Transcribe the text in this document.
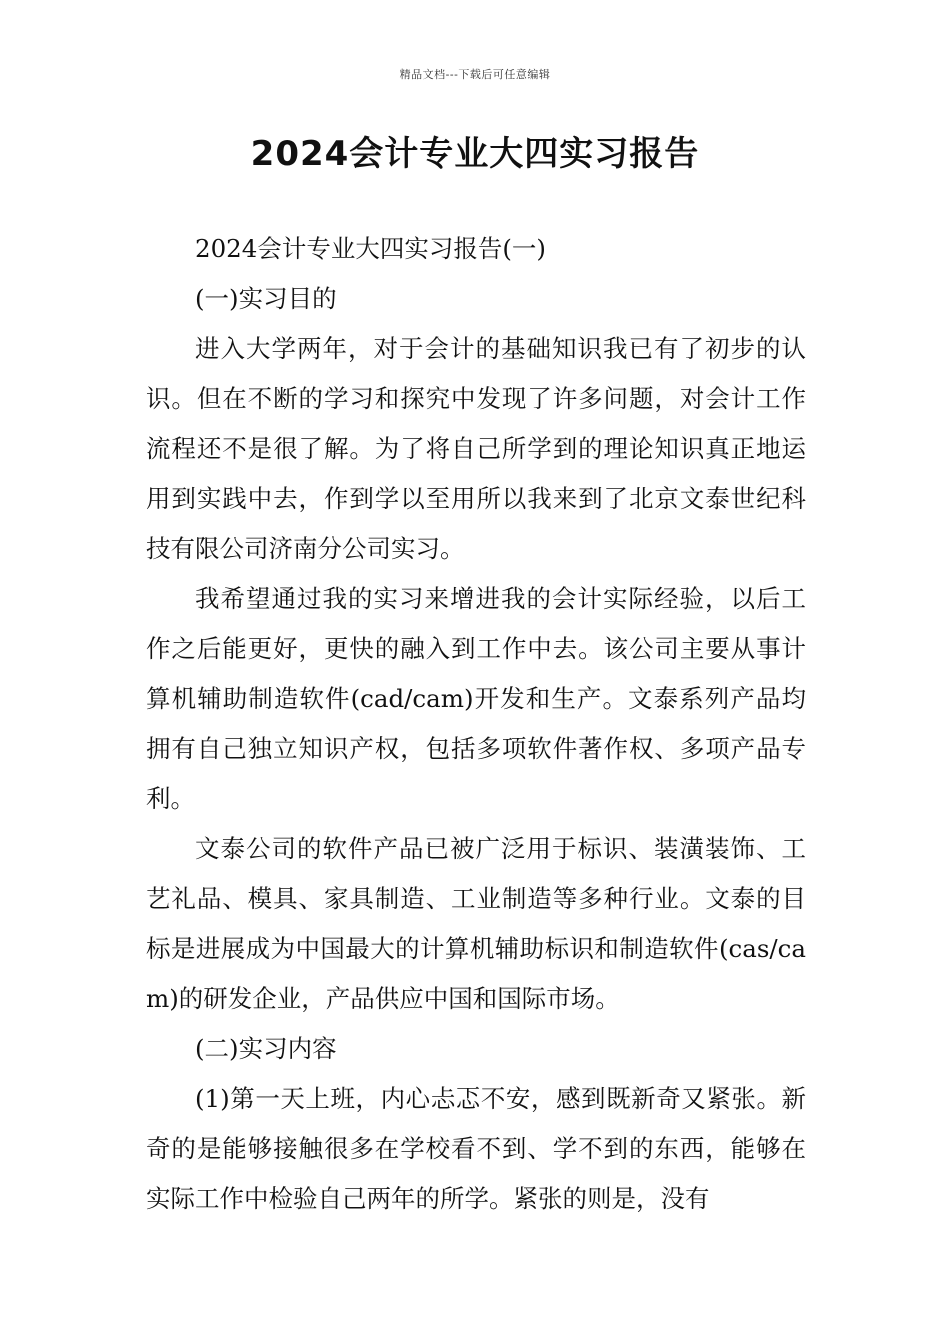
精品文档---下载后可任意编辑
2024会计专业大四实习报告

2024会计专业大四实习报告(一)

(一)实习目的

进入大学两年，对于会计的基础知识我已有了初步的认识。但在不断的学习和探究中发现了许多问题，对会计工作流程还不是很了解。为了将自己所学到的理论知识真正地运用到实践中去，作到学以至用所以我来到了北京文泰世纪科技有限公司济南分公司实习。

我希望通过我的实习来增进我的会计实际经验，以后工作之后能更好，更快的融入到工作中去。该公司主要从事计算机辅助制造软件(cad/cam)开发和生产。文泰系列产品均拥有自己独立知识产权，包括多项软件著作权、多项产品专利。

文泰公司的软件产品已被广泛用于标识、装潢装饰、工艺礼品、模具、家具制造、工业制造等多种行业。文泰的目标是进展成为中国最大的计算机辅助标识和制造软件(cas/cam)的研发企业，产品供应中国和国际市场。

(二)实习内容

(1)第一天上班，内心忐忑不安，感到既新奇又紧张。新奇的是能够接触很多在学校看不到、学不到的东西，能够在实际工作中检验自己两年的所学。紧张的则是，没有
